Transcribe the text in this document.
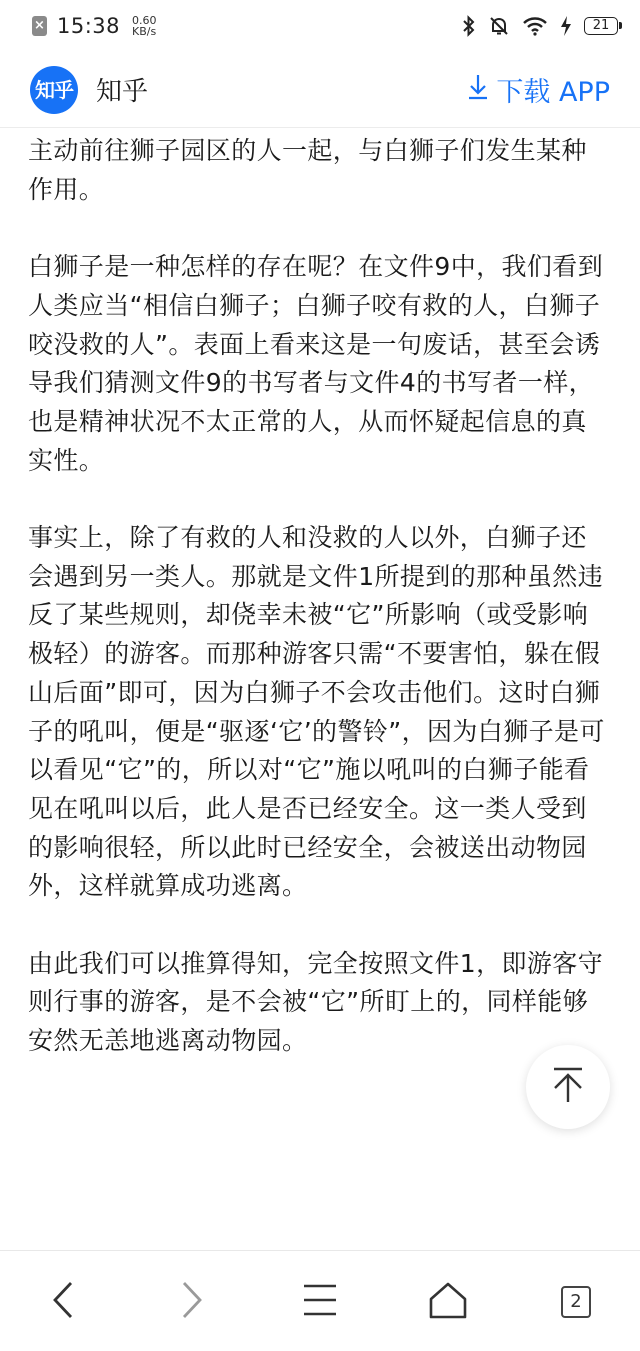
× 15:38 0.60
KB/s	21
知乎 知乎	下载 APP

主动前往狮子园区的人一起，与白狮子们发生某种作用。

白狮子是一种怎样的存在呢？在文件9中，我们看到人类应当“相信白狮子；白狮子咬有救的人，白狮子咬没救的人”。表面上看来这是一句废话，甚至会诱导我们猜测文件9的书写者与文件4的书写者一样，也是精神状况不太正常的人，从而怀疑起信息的真实性。

事实上，除了有救的人和没救的人以外，白狮子还会遇到另一类人。那就是文件1所提到的那种虽然违反了某些规则，却侥幸未被“它”所影响（或受影响极轻）的游客。而那种游客只需“不要害怕，躲在假山后面”即可，因为白狮子不会攻击他们。这时白狮子的吼叫，便是“驱逐‘它’的警铃”，因为白狮子是可以看见“它”的，所以对“它”施以吼叫的白狮子能看见在吼叫以后，此人是否已经安全。这一类人受到的影响很轻，所以此时已经安全，会被送出动物园外，这样就算成功逃离。

由此我们可以推算得知，完全按照文件1，即游客守则行事的游客，是不会被“它”所盯上的，同样能够安然无恙地逃离动物园。

2
